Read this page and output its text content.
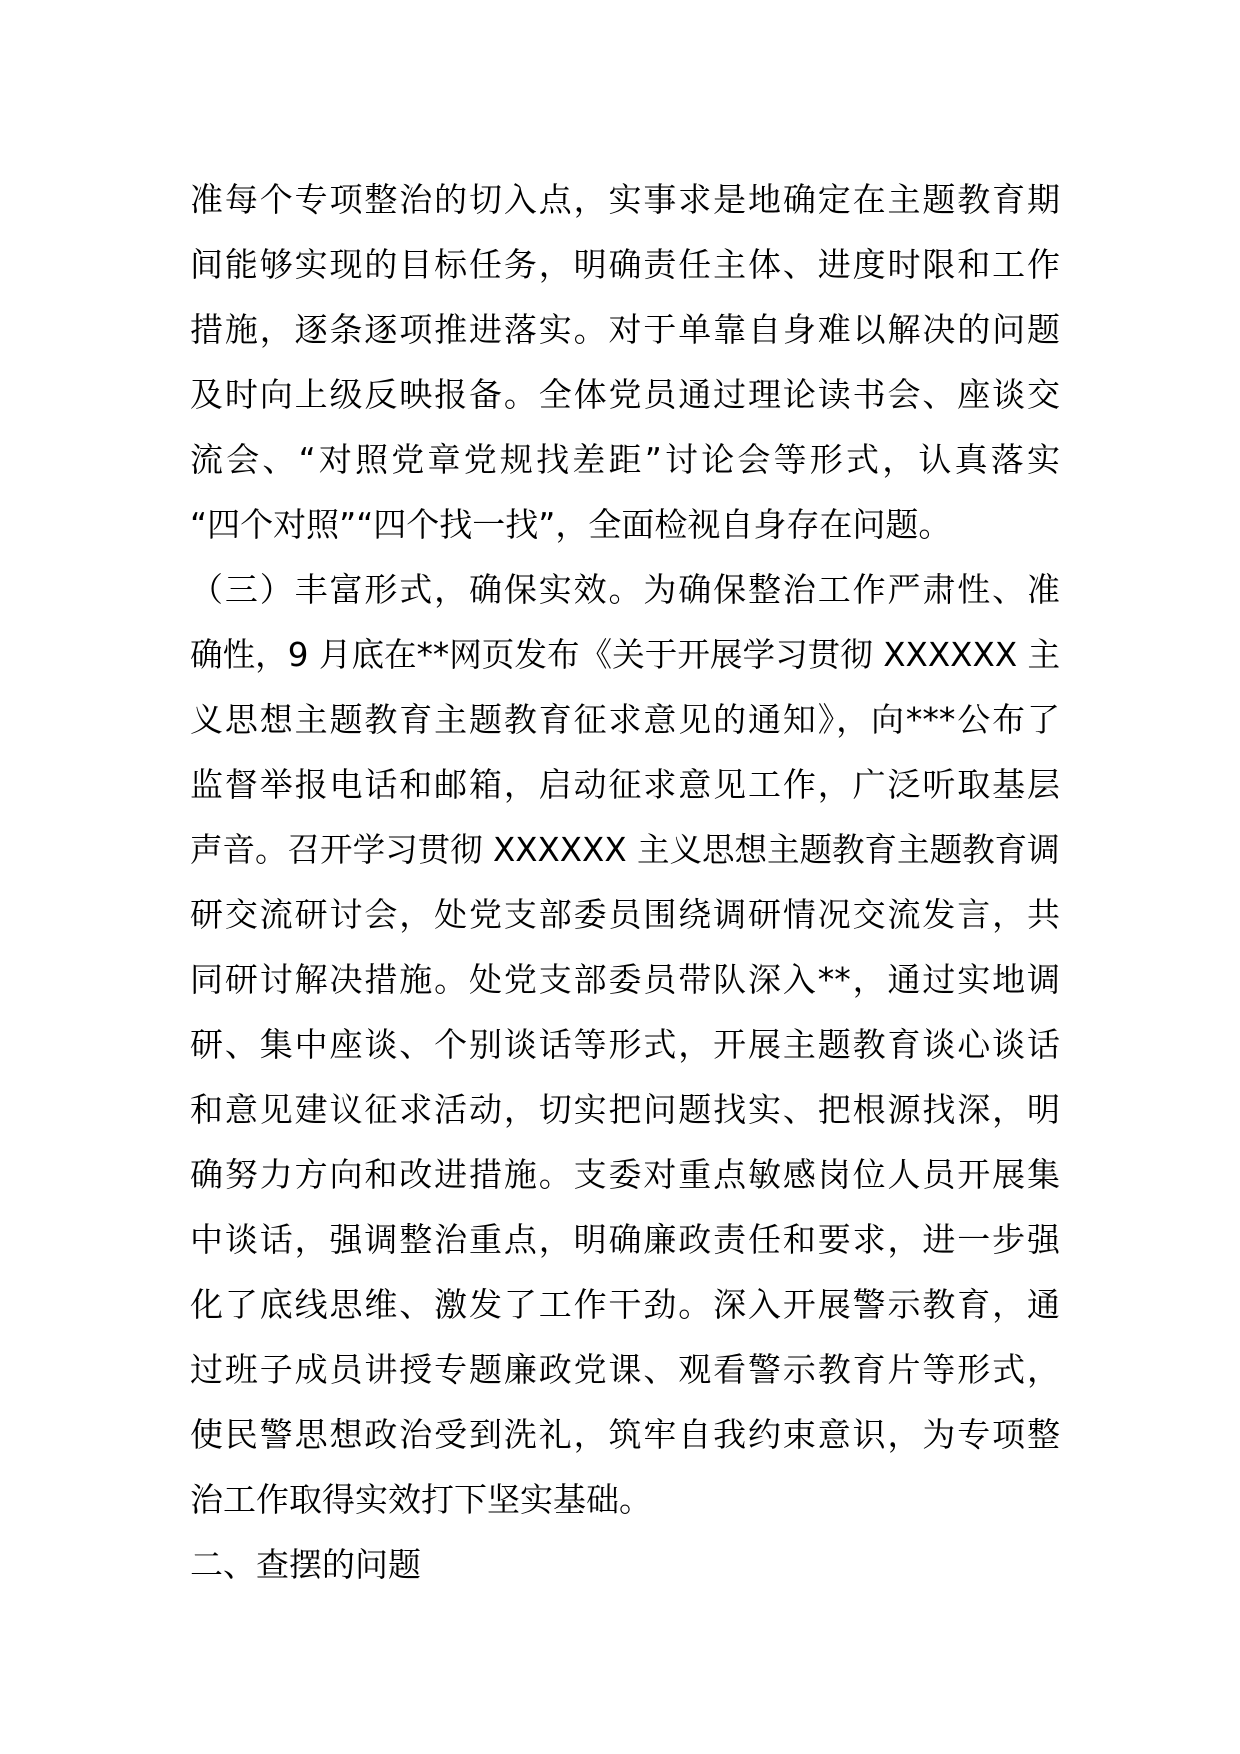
准每个专项整治的切入点，实事求是地确定在主题教育期
间能够实现的目标任务，明确责任主体、进度时限和工作
措施，逐条逐项推进落实。对于单靠自身难以解决的问题
及时向上级反映报备。全体党员通过理论读书会、座谈交
流会、“对照党章党规找差距”讨论会等形式，认真落实
“四个对照”“四个找一找”，全面检视自身存在问题。
（三）丰富形式，确保实效。为确保整治工作严肃性、准
确性，9 月底在**网页发布《关于开展学习贯彻 XXXXXX 主
义思想主题教育主题教育征求意见的通知》，向***公布了
监督举报电话和邮箱，启动征求意见工作，广泛听取基层
声音。召开学习贯彻 XXXXXX 主义思想主题教育主题教育调
研交流研讨会，处党支部委员围绕调研情况交流发言，共
同研讨解决措施。处党支部委员带队深入**，通过实地调
研、集中座谈、个别谈话等形式，开展主题教育谈心谈话
和意见建议征求活动，切实把问题找实、把根源找深，明
确努力方向和改进措施。支委对重点敏感岗位人员开展集
中谈话，强调整治重点，明确廉政责任和要求，进一步强
化了底线思维、激发了工作干劲。深入开展警示教育，通
过班子成员讲授专题廉政党课、观看警示教育片等形式，
使民警思想政治受到洗礼，筑牢自我约束意识，为专项整
治工作取得实效打下坚实基础。
二、查摆的问题
